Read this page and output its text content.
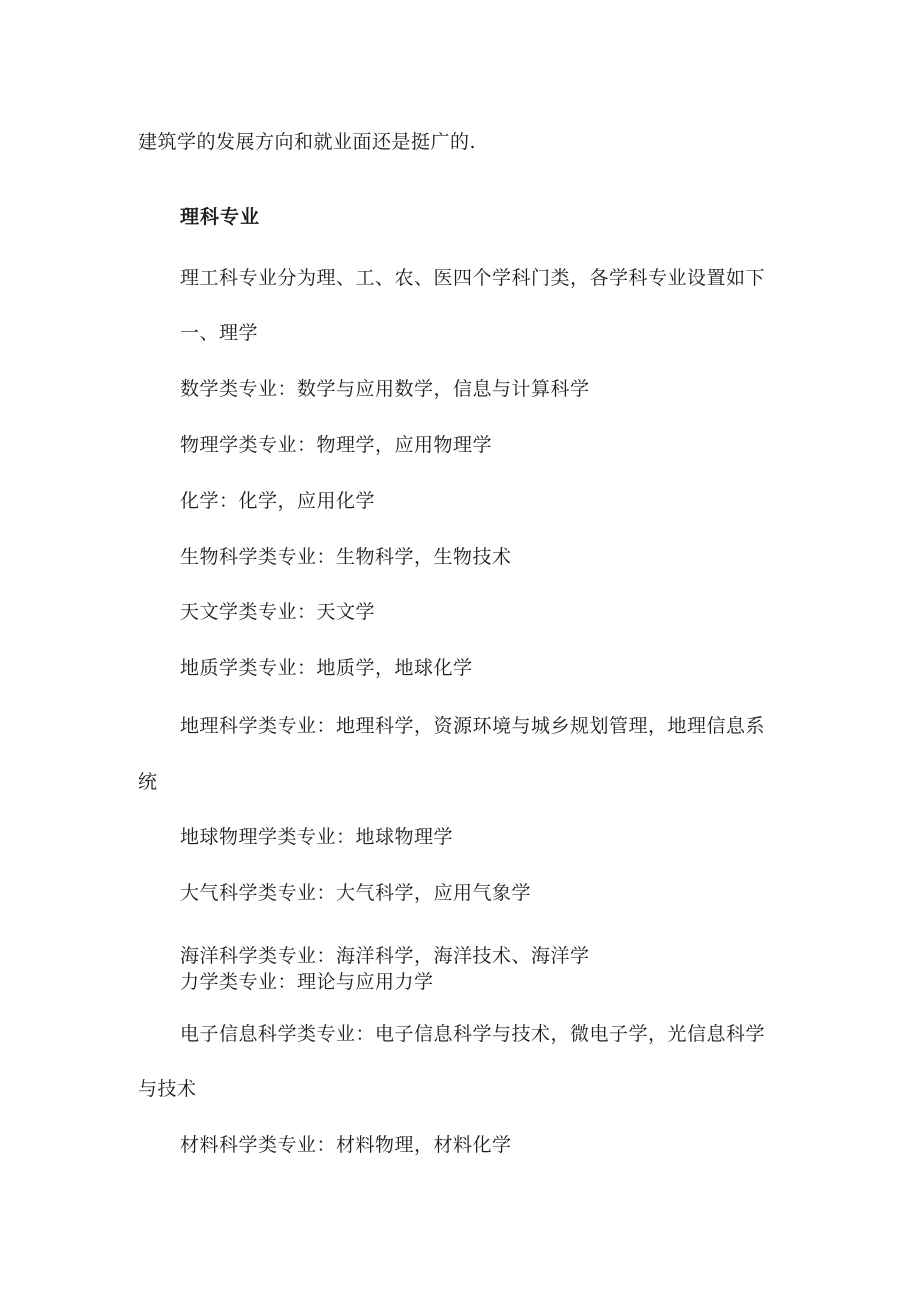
建筑学的发展方向和就业面还是挺广的.
理科专业
理工科专业分为理、工、农、医四个学科门类，各学科专业设置如下
一、理学
数学类专业：数学与应用数学，信息与计算科学
物理学类专业：物理学，应用物理学
化学：化学，应用化学
生物科学类专业：生物科学，生物技术
天文学类专业：天文学
地质学类专业：地质学，地球化学
地理科学类专业：地理科学，资源环境与城乡规划管理，地理信息系
统
地球物理学类专业：地球物理学
大气科学类专业：大气科学，应用气象学
海洋科学类专业：海洋科学，海洋技术、海洋学
力学类专业：理论与应用力学
电子信息科学类专业：电子信息科学与技术，微电子学，光信息科学
与技术
材料科学类专业：材料物理，材料化学
